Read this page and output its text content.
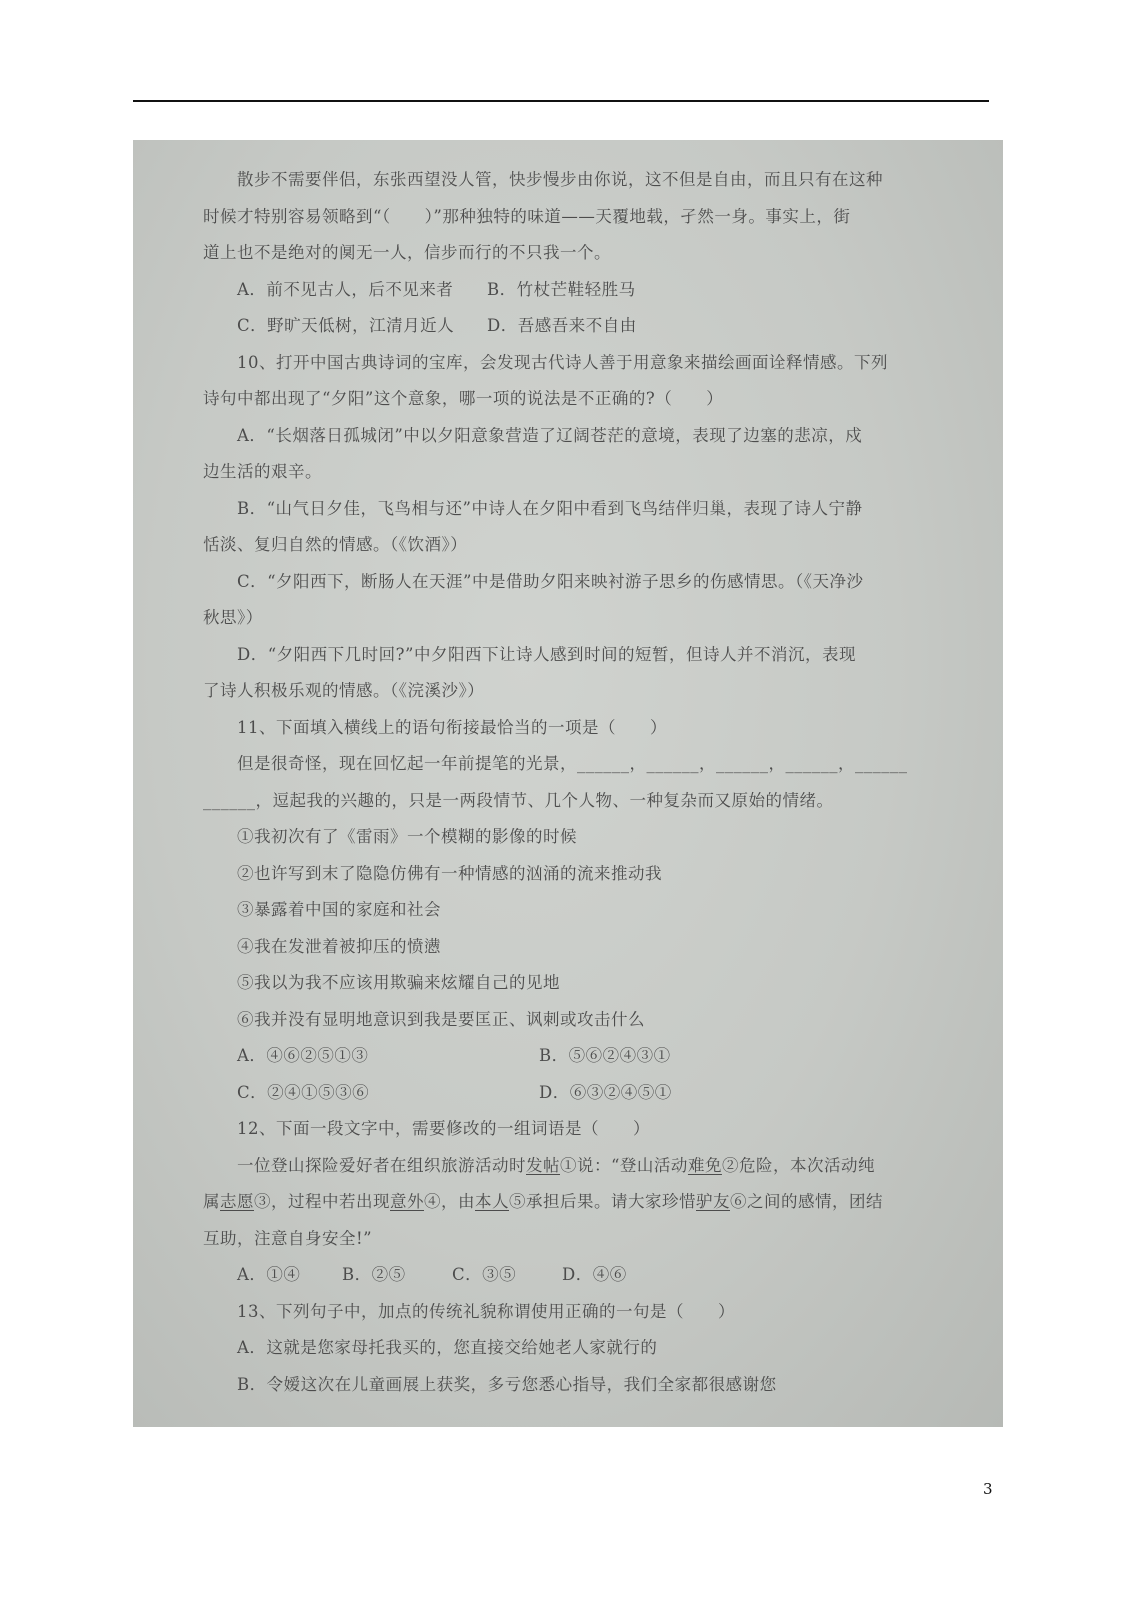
散步不需要伴侣，东张西望没人管，快步慢步由你说，这不但是自由，而且只有在这种
时候才特别容易领略到“（　　）”那种独特的味道——天覆地载，孑然一身。事实上，街
道上也不是绝对的阒无一人，信步而行的不只我一个。
A．前不见古人，后不见来者	B．竹杖芒鞋轻胜马
C．野旷天低树，江清月近人	D．吾感吾来不自由
10、打开中国古典诗词的宝库，会发现古代诗人善于用意象来描绘画面诠释情感。下列
诗句中都出现了“夕阳”这个意象，哪一项的说法是不正确的?（　　）
A．“长烟落日孤城闭”中以夕阳意象营造了辽阔苍茫的意境，表现了边塞的悲凉，戍
边生活的艰辛。
B．“山气日夕佳，飞鸟相与还”中诗人在夕阳中看到飞鸟结伴归巢，表现了诗人宁静
恬淡、复归自然的情感。（《饮酒》）
C．“夕阳西下，断肠人在天涯”中是借助夕阳来映衬游子思乡的伤感情思。（《天净沙
秋思》）
D．“夕阳西下几时回?”中夕阳西下让诗人感到时间的短暂，但诗人并不消沉，表现
了诗人积极乐观的情感。（《浣溪沙》）
11、下面填入横线上的语句衔接最恰当的一项是（　　）
但是很奇怪，现在回忆起一年前提笔的光景，______，______，______，______，______
______，逗起我的兴趣的，只是一两段情节、几个人物、一种复杂而又原始的情绪。
①我初次有了《雷雨》一个模糊的影像的时候
②也许写到末了隐隐仿佛有一种情感的汹涌的流来推动我
③暴露着中国的家庭和社会
④我在发泄着被抑压的愤懑
⑤我以为我不应该用欺骗来炫耀自己的见地
⑥我并没有显明地意识到我是要匡正、讽刺或攻击什么
A．④⑥②⑤①③	B．⑤⑥②④③①
C．②④①⑤③⑥	D．⑥③②④⑤①
12、下面一段文字中，需要修改的一组词语是（　　）
一位登山探险爱好者在组织旅游活动时发帖①说：“登山活动难免②危险，本次活动纯
属志愿③，过程中若出现意外④，由本人⑤承担后果。请大家珍惜驴友⑥之间的感情，团结
互助，注意自身安全!”
A．①④	B．②⑤	C．③⑤	D．④⑥
13、下列句子中，加点的传统礼貌称谓使用正确的一句是（　　）
A．这就是您家母托我买的，您直接交给她老人家就行的
B．令嫒这次在儿童画展上获奖，多亏您悉心指导，我们全家都很感谢您
3
